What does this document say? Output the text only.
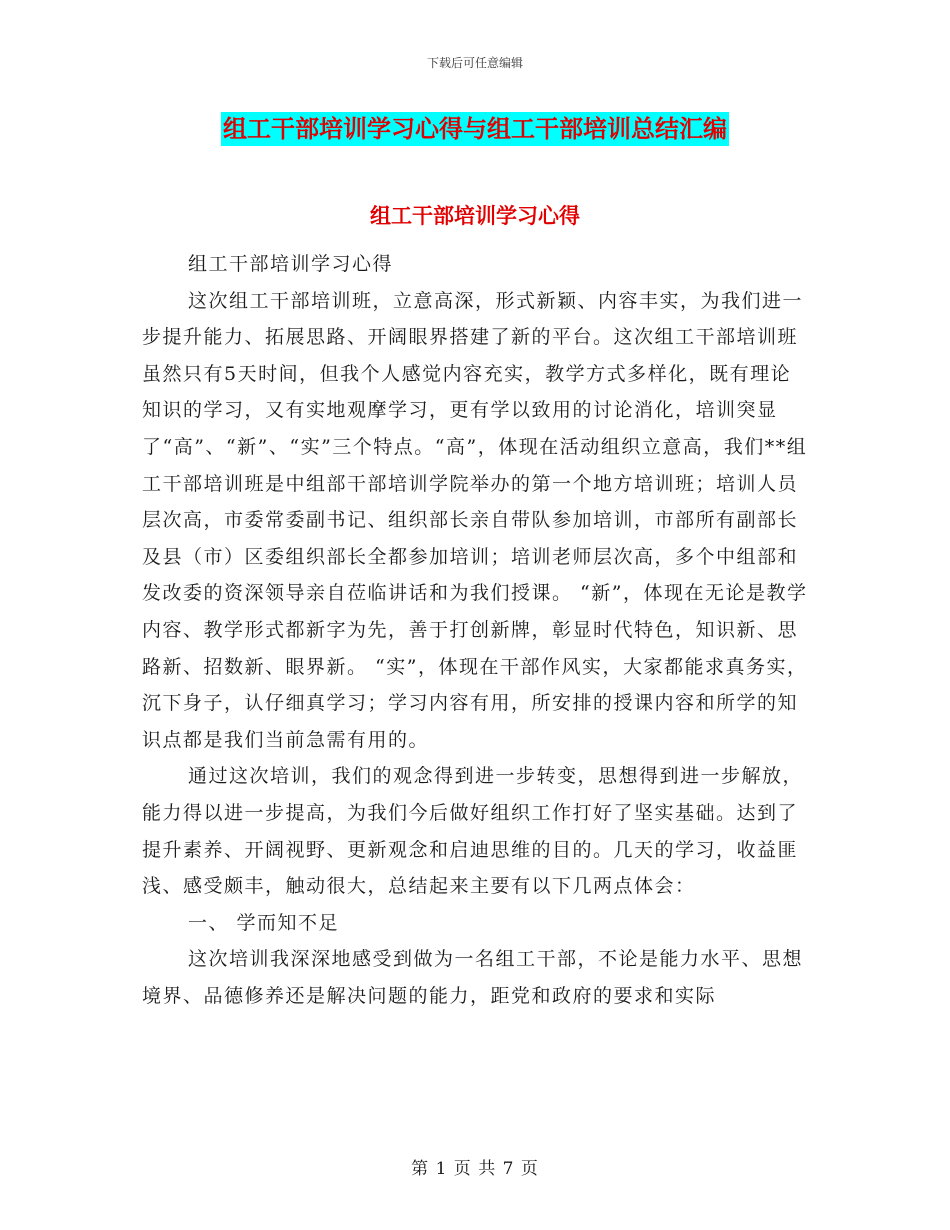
下载后可任意编辑
组工干部培训学习心得与组工干部培训总结汇编
组工干部培训学习心得

组工干部培训学习心得

这次组工干部培训班，立意高深，形式新颖、内容丰实，为我们进一步提升能力、拓展思路、开阔眼界搭建了新的平台。这次组工干部培训班虽然只有5天时间，但我个人感觉内容充实，教学方式多样化，既有理论知识的学习，又有实地观摩学习，更有学以致用的讨论消化，培训突显了“高”、“新”、“实”三个特点。“高”，体现在活动组织立意高，我们**组工干部培训班是中组部干部培训学院举办的第一个地方培训班；培训人员层次高，市委常委副书记、组织部长亲自带队参加培训，市部所有副部长及县（市）区委组织部长全都参加培训；培训老师层次高，多个中组部和发改委的资深领导亲自莅临讲话和为我们授课。 “新”，体现在无论是教学内容、教学形式都新字为先，善于打创新牌，彰显时代特色，知识新、思路新、招数新、眼界新。 “实”，体现在干部作风实，大家都能求真务实，沉下身子，认仔细真学习；学习内容有用，所安排的授课内容和所学的知识点都是我们当前急需有用的。

通过这次培训，我们的观念得到进一步转变，思想得到进一步解放，能力得以进一步提高，为我们今后做好组织工作打好了坚实基础。达到了提升素养、开阔视野、更新观念和启迪思维的目的。几天的学习，收益匪浅、感受颇丰，触动很大，总结起来主要有以下几两点体会：

一、 学而知不足

这次培训我深深地感受到做为一名组工干部，不论是能力水平、思想境界、品德修养还是解决问题的能力，距党和政府的要求和实际

第 1 页 共 7 页
